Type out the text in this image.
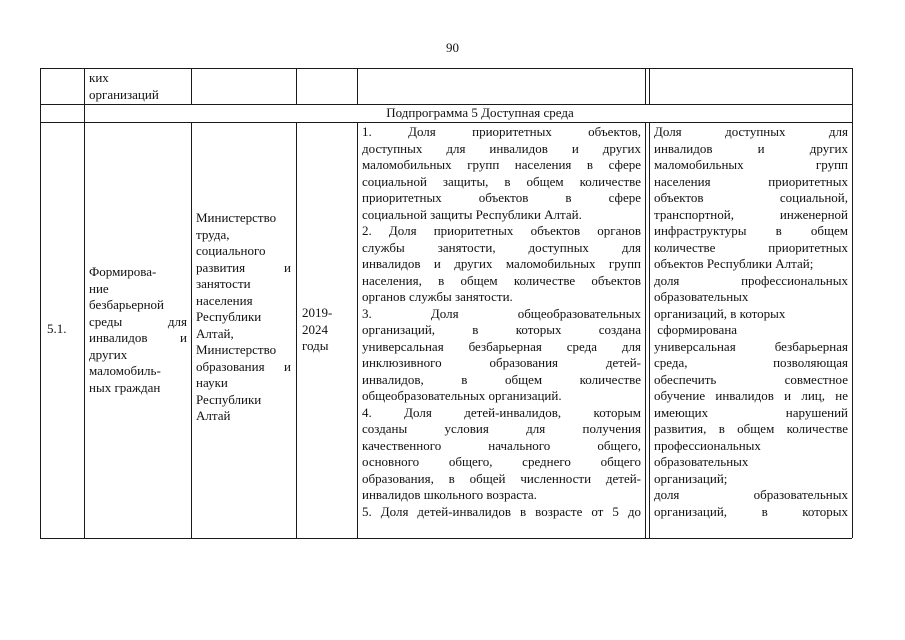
90
ких
организаций
Подпрограмма 5 Доступная среда
5.1.

Формирова-

ние

безбарьерной

среды для

инвалидов и

других

маломобиль-

ных граждан

Министерство

труда,

социального

развития и

занятости

населения

Республики

Алтай,

Министерство

образования и

науки

Республики

Алтай

2019-
2024
годы

1. Доля приоритетных объектов,

доступных для инвалидов и других

маломобильных групп населения в сфере

социальной защиты, в общем количестве

приоритетных объектов в сфере

социальной защиты Республики Алтай.

2. Доля приоритетных объектов органов

службы занятости, доступных для

инвалидов и других маломобильных групп

населения, в общем количестве объектов

органов службы занятости.

3. Доля общеобразовательных

организаций, в которых создана

универсальная безбарьерная среда для

инклюзивного образования детей-

инвалидов, в общем количестве

общеобразовательных организаций.

4. Доля детей-инвалидов, которым

созданы условия для получения

качественного начального общего,

основного общего, среднего общего

образования, в общей численности детей-

инвалидов школьного возраста.

5. Доля детей-инвалидов в возрасте от 5 до

Доля доступных для

инвалидов и других

маломобильных групп

населения приоритетных

объектов социальной,

транспортной, инженерной

инфраструктуры в общем

количестве приоритетных

объектов Республики Алтай;

доля профессиональных

образовательных

организаций, в которых

сформирована

универсальная безбарьерная

среда, позволяющая

обеспечить совместное

обучение инвалидов и лиц, не

имеющих нарушений

развития, в общем количестве

профессиональных

образовательных

организаций;

доля образовательных

организаций, в которых
